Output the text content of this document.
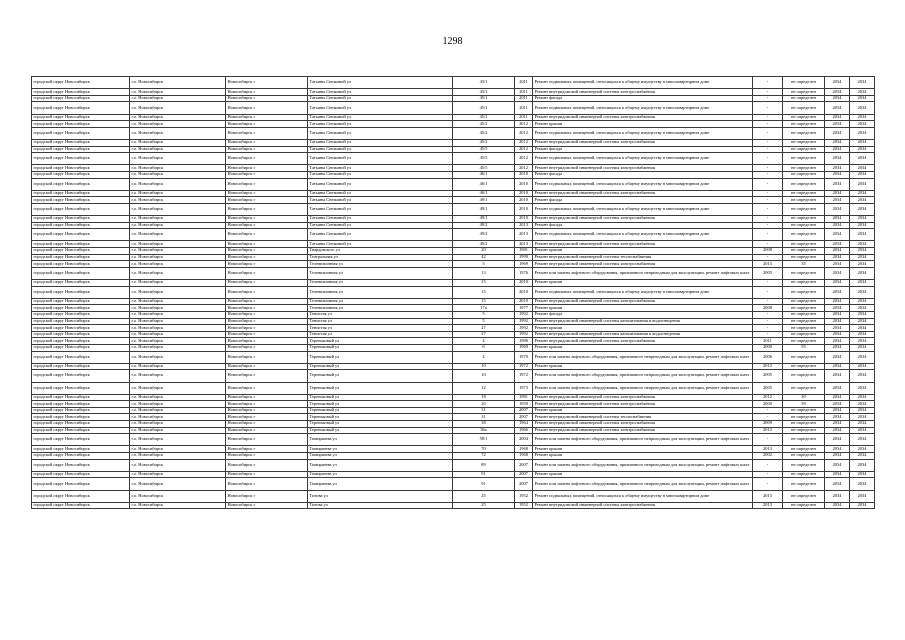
1298
городской округ Новосибирск	г.о. Новосибирск	Новосибирск г	Татьяны Снежиной ул	43/1	2011	Ремонт подвальных помещений, относящихся к общему имуществу в многоквартирном доме	-	не определен	2034	2034
городской округ Новосибирск	г.о. Новосибирск	Новосибирск г	Татьяны Снежиной ул	43/1	2011	Ремонт внутридомовой инженерной системы электроснабжения	-	не определен	2034	2034
городской округ Новосибирск	г.о. Новосибирск	Новосибирск г	Татьяны Снежиной ул	45/1	2011	Ремонт фасада	-	не определен	2034	2034
городской округ Новосибирск	г.о. Новосибирск	Новосибирск г	Татьяны Снежиной ул	45/1	2011	Ремонт подвальных помещений, относящихся к общему имуществу в многоквартирном доме	-	не определен	2034	2034
городской округ Новосибирск	г.о. Новосибирск	Новосибирск г	Татьяны Снежиной ул	45/1	2011	Ремонт внутридомовой инженерной системы электроснабжения	-	не определен	2034	2034
городской округ Новосибирск	г.о. Новосибирск	Новосибирск г	Татьяны Снежиной ул	45/2	2012	Ремонт крыши	-	не определен	2034	2034
городской округ Новосибирск	г.о. Новосибирск	Новосибирск г	Татьяны Снежиной ул	45/2	2012	Ремонт подвальных помещений, относящихся к общему имуществу в многоквартирном доме	-	не определен	2034	2034
городской округ Новосибирск	г.о. Новосибирск	Новосибирск г	Татьяны Снежиной ул	45/2	2012	Ремонт внутридомовой инженерной системы электроснабжения	-	не определен	2034	2034
городской округ Новосибирск	г.о. Новосибирск	Новосибирск г	Татьяны Снежиной ул	45/5	2012	Ремонт фасада	-	не определен	2034	2034
городской округ Новосибирск	г.о. Новосибирск	Новосибирск г	Татьяны Снежиной ул	45/5	2012	Ремонт подвальных помещений, относящихся к общему имуществу в многоквартирном доме	-	не определен	2034	2034
городской округ Новосибирск	г.о. Новосибирск	Новосибирск г	Татьяны Снежиной ул	45/5	2012	Ремонт внутридомовой инженерной системы электроснабжения	-	не определен	2034	2034
городской округ Новосибирск	г.о. Новосибирск	Новосибирск г	Татьяны Снежиной ул	46/1	2010	Ремонт фасада	-	не определен	2034	2034
городской округ Новосибирск	г.о. Новосибирск	Новосибирск г	Татьяны Снежиной ул	46/1	2010	Ремонт подвальных помещений, относящихся к общему имуществу в многоквартирном доме	-	не определен	2034	2034
городской округ Новосибирск	г.о. Новосибирск	Новосибирск г	Татьяны Снежиной ул	46/1	2010	Ремонт внутридомовой инженерной системы электроснабжения	-	не определен	2034	2034
городской округ Новосибирск	г.о. Новосибирск	Новосибирск г	Татьяны Снежиной ул	49/1	2010	Ремонт фасада	-	не определен	2034	2034
городской округ Новосибирск	г.о. Новосибирск	Новосибирск г	Татьяны Снежиной ул	49/1	2010	Ремонт подвальных помещений, относящихся к общему имуществу в многоквартирном доме	-	не определен	2034	2034
городской округ Новосибирск	г.о. Новосибирск	Новосибирск г	Татьяны Снежиной ул	49/1	2010	Ремонт внутридомовой инженерной системы электроснабжения	-	не определен	2034	2034
городской округ Новосибирск	г.о. Новосибирск	Новосибирск г	Татьяны Снежиной ул	49/2	2013	Ремонт фасада	-	не определен	2034	2034
городской округ Новосибирск	г.о. Новосибирск	Новосибирск г	Татьяны Снежиной ул	49/2	2013	Ремонт подвальных помещений, относящихся к общему имуществу в многоквартирном доме	-	не определен	2034	2034
городской округ Новосибирск	г.о. Новосибирск	Новосибирск г	Татьяны Снежиной ул	49/2	2013	Ремонт внутридомовой инженерной системы электроснабжения	-	не определен	2034	2034
городской округ Новосибирск	г.о. Новосибирск	Новосибирск г	Твардовского ул	20	1981	Ремонт крыши	2008	не определен	2034	2034
городской округ Новосибирск	г.о. Новосибирск	Новосибирск г	Театральная ул	42	1999	Ремонт внутридомовой инженерной системы теплоснабжения	-	не определен	2034	2034
городской округ Новосибирск	г.о. Новосибирск	Новосибирск г	Телевизионная ул	5	1969	Ремонт внутридомовой инженерной системы электроснабжения	2013	35	2034	2034
городской округ Новосибирск	г.о. Новосибирск	Новосибирск г	Телевизионная ул	13	1976	Ремонт или замена лифтового оборудования, признанного непригодным для эксплуатации, ремонт лифтовых шахт	2005	не определен	2034	2034
городской округ Новосибирск	г.о. Новосибирск	Новосибирск г	Телевизионная ул	15	2010	Ремонт крыши	-	не определен	2034	2034
городской округ Новосибирск	г.о. Новосибирск	Новосибирск г	Телевизионная ул	15	2010	Ремонт подвальных помещений, относящихся к общему имуществу в многоквартирном доме	-	не определен	2034	2034
городской округ Новосибирск	г.о. Новосибирск	Новосибирск г	Телевизионная ул	15	2010	Ремонт внутридомовой инженерной системы электроснабжения	-	не определен	2034	2034
городской округ Новосибирск	г.о. Новосибирск	Новосибирск г	Телевизионная ул	17а	1977	Ремонт крыши	2008	не определен	2034	2034
городской округ Новосибирск	г.о. Новосибирск	Новосибирск г	Тенистая ул	5	1992	Ремонт фасада	-	не определен	2034	2034
городской округ Новосибирск	г.о. Новосибирск	Новосибирск г	Тенистая ул	5	1992	Ремонт внутридомовой инженерной системы канализования и водоотведения	-	не определен	2034	2034
городской округ Новосибирск	г.о. Новосибирск	Новосибирск г	Тенистая ул	27	1992	Ремонт крыши	-	не определен	2034	2034
городской округ Новосибирск	г.о. Новосибирск	Новосибирск г	Тенистая ул	27	1992	Ремонт внутридомовой инженерной системы канализования и водоотведения	-	не определен	2034	2034
городской округ Новосибирск	г.о. Новосибирск	Новосибирск г	Тереньковый ул	4	1986	Ремонт внутридомовой инженерной системы электроснабжения	2011	не определен	2034	2034
городской округ Новосибирск	г.о. Новосибирск	Новосибирск г	Тереньковый ул	6	1969	Ремонт крыши	2000	55	2034	2034
городской округ Новосибирск	г.о. Новосибирск	Новосибирск г	Тереньковый ул	4	1970	Ремонт или замена лифтового оборудования, признанного непригодным для эксплуатации, ремонт лифтовых шахт	2006	не определен	2034	2034
городской округ Новосибирск	г.о. Новосибирск	Новосибирск г	Тереньковый ул	10	1972	Ремонт крыши	2013	не определен	2034	2034
городской округ Новосибирск	г.о. Новосибирск	Новосибирск г	Тереньковый ул	10	1972	Ремонт или замена лифтового оборудования, признанного непригодным для эксплуатации, ремонт лифтовых шахт	2005	не определен	2034	2034
городской округ Новосибирск	г.о. Новосибирск	Новосибирск г	Тереньковый ул	12	1973	Ремонт или замена лифтового оборудования, признанного непригодным для эксплуатации, ремонт лифтовых шахт	2005	не определен	2034	2034
городской округ Новосибирск	г.о. Новосибирск	Новосибирск г	Тереньковый ул	18	1981	Ремонт внутридомовой инженерной системы электроснабжения	2012	30	2034	2034
городской округ Новосибирск	г.о. Новосибирск	Новосибирск г	Тереньковый ул	20	1959	Ремонт внутридомовой инженерной системы электроснабжения	2000	59	2034	2034
городской округ Новосибирск	г.о. Новосибирск	Новосибирск г	Тереньковый ул	31	2007	Ремонт крыши	-	не определен	2034	2034
городской округ Новосибирск	г.о. Новосибирск	Новосибирск г	Тереньковый ул	31	2007	Ремонт внутридомовой инженерной системы теплоснабжения	-	не определен	2034	2034
городской округ Новосибирск	г.о. Новосибирск	Новосибирск г	Тереньковый ул	38	1964	Ремонт внутридомовой инженерной системы электроснабжения	2009	не определен	2034	2034
городской округ Новосибирск	г.о. Новосибирск	Новосибирск г	Тереньковый ул	36а	1966	Ремонт внутридомовой инженерной системы электроснабжения	2013	не определен	2034	2034
городской округ Новосибирск	г.о. Новосибирск	Новосибирск г	Тимирязева ул	58/1	2004	Ремонт или замена лифтового оборудования, признанного непригодным для эксплуатации, ремонт лифтовых шахт	-	не определен	2034	2034
городской округ Новосибирск	г.о. Новосибирск	Новосибирск г	Тимирязева ул	70	1968	Ремонт крыши	2013	не определен	2034	2034
городской округ Новосибирск	г.о. Новосибирск	Новосибирск г	Тимирязева ул	72	1968	Ремонт крыши	2002	не определен	2034	2034
городской округ Новосибирск	г.о. Новосибирск	Новосибирск г	Тимирязева ул	89	2007	Ремонт или замена лифтового оборудования, признанного непригодным для эксплуатации, ремонт лифтовых шахт	-	не определен	2034	2034
городской округ Новосибирск	г.о. Новосибирск	Новосибирск г	Тимирязева ул	91	2007	Ремонт крыши	-	не определен	2034	2034
городской округ Новосибирск	г.о. Новосибирск	Новосибирск г	Тимирязева ул	91	2007	Ремонт или замена лифтового оборудования, признанного непригодным для эксплуатации, ремонт лифтовых шахт	-	не определен	2034	2034
городской округ Новосибирск	г.о. Новосибирск	Новосибирск г	Титова ул	25	1952	Ремонт подвальных помещений, относящихся к общему имуществу в многоквартирном доме	2013	не определен	2034	2034
городской округ Новосибирск	г.о. Новосибирск	Новосибирск г	Титова ул	25	1952	Ремонт внутридомовой инженерной системы электроснабжения	2013	не определен	2034	2034
